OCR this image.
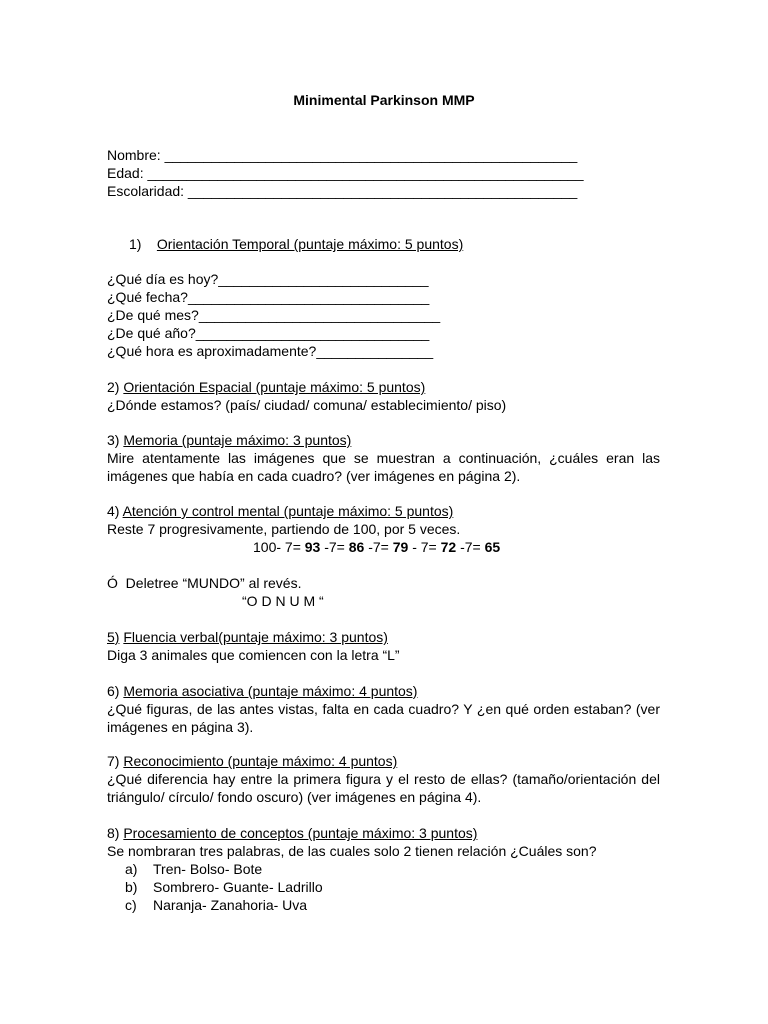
Minimental Parkinson MMP
Nombre: _____________________________________________________
Edad: ________________________________________________________
Escolaridad: __________________________________________________
1) Orientación Temporal (puntaje máximo: 5 puntos)
¿Qué día es hoy?___________________________
¿Qué fecha?_______________________________
¿De qué mes?_______________________________
¿De qué año?______________________________
¿Qué hora es aproximadamente?_______________
2) Orientación Espacial (puntaje máximo: 5 puntos)
¿Dónde estamos? (país/ ciudad/ comuna/ establecimiento/ piso)
3) Memoria (puntaje máximo: 3 puntos)
Mire atentamente las imágenes que se muestran a continuación, ¿cuáles eran las imágenes que había en cada cuadro? (ver imágenes en página 2).
4) Atención y control mental (puntaje máximo: 5 puntos)
Reste 7 progresivamente, partiendo de 100, por 5 veces.
100- 7= 93 -7= 86 -7= 79 - 7= 72 -7= 65
Ó  Deletree “MUNDO” al revés.
“O D N U M “
5) Fluencia verbal(puntaje máximo: 3 puntos)
Diga 3 animales que comiencen con la letra “L”
6) Memoria asociativa (puntaje máximo: 4 puntos)
¿Qué figuras, de las antes vistas, falta en cada cuadro? Y ¿en qué orden estaban? (ver imágenes en página 3).
7) Reconocimiento (puntaje máximo: 4 puntos)
¿Qué diferencia hay entre la primera figura y el resto de ellas? (tamaño/orientación del triángulo/ círculo/ fondo oscuro) (ver imágenes en página 4).
8) Procesamiento de conceptos (puntaje máximo: 3 puntos)
Se nombraran tres palabras, de las cuales solo 2 tienen relación ¿Cuáles son?
a) Tren- Bolso- Bote
b) Sombrero- Guante- Ladrillo
c) Naranja- Zanahoria- Uva
